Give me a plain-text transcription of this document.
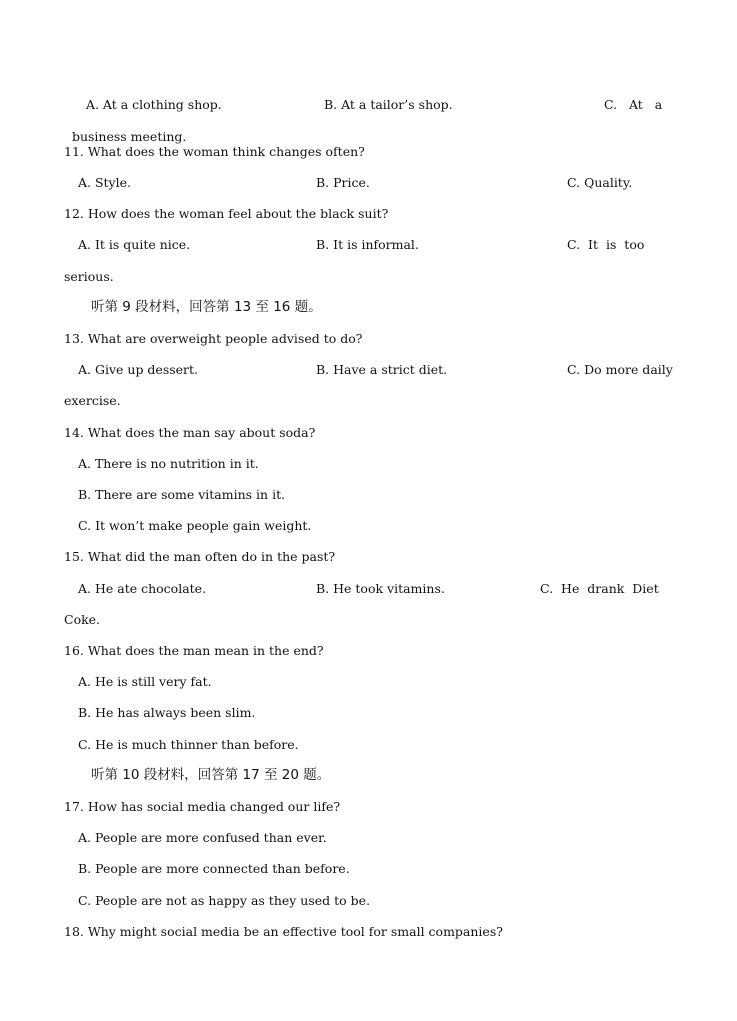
A. At a clothing shop.	B. At a tailor’s shop.	C.   At   a

business meeting.

11. What does the woman think changes often?
A. Style.	B. Price.	C. Quality.
12. How does the woman feel about the black suit?
A. It is quite nice.	B. It is informal.	C.  It  is  too
serious.
听第 9 段材料，回答第 13 至 16 题。
13. What are overweight people advised to do?
A. Give up dessert.	B. Have a strict diet.	C. Do more daily
exercise.
14. What does the man say about soda?
A. There is no nutrition in it.
B. There are some vitamins in it.
C. It won’t make people gain weight.
15. What did the man often do in the past?
A. He ate chocolate.	B. He took vitamins.	C.  He  drank  Diet
Coke.
16. What does the man mean in the end?
A. He is still very fat.
B. He has always been slim.
C. He is much thinner than before.
听第 10 段材料，回答第 17 至 20 题。
17. How has social media changed our life?
A. People are more confused than ever.
B. People are more connected than before.
C. People are not as happy as they used to be.
18. Why might social media be an effective tool for small companies?
